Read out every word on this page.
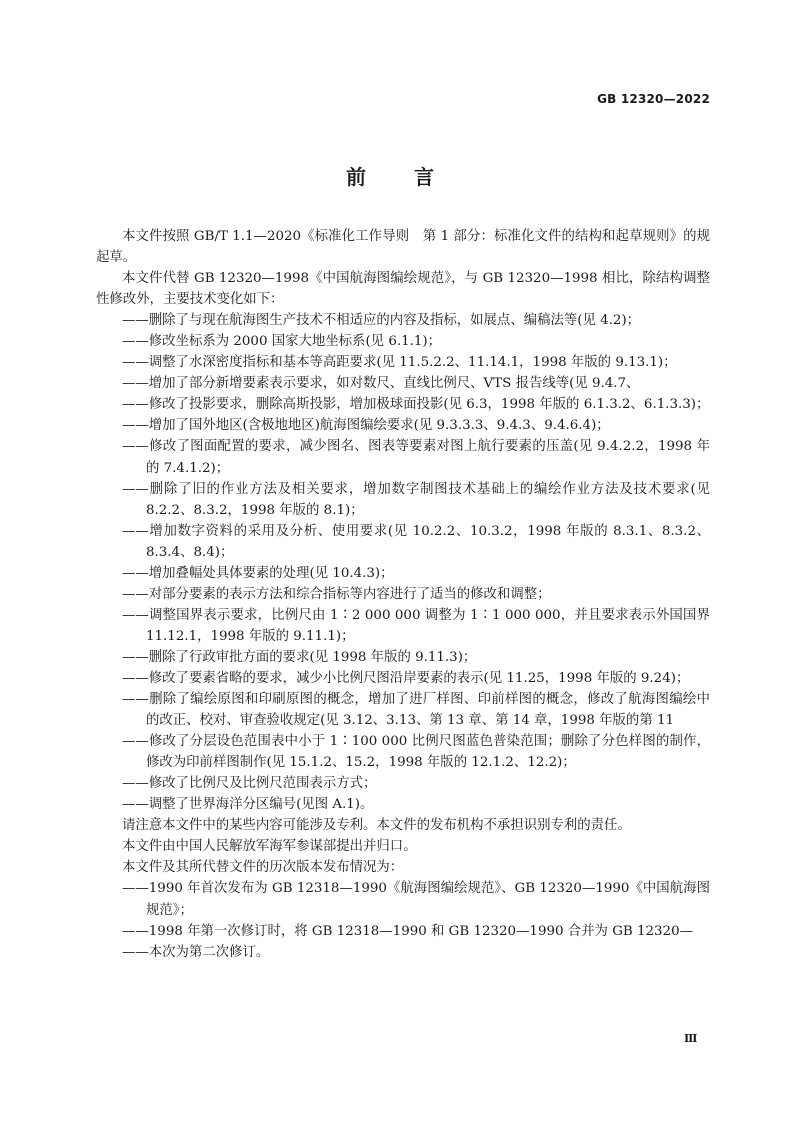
GB 12320—2022
前　言
本文件按照 GB/T 1.1—2020《标准化工作导则　第 1 部分：标准化文件的结构和起草规则》的规
起草。
本文件代替 GB 12320—1998《中国航海图编绘规范》，与 GB 12320—1998 相比，除结构调整
性修改外，主要技术变化如下：
——删除了与现在航海图生产技术不相适应的内容及指标，如展点、编稿法等(见 4.2)；
——修改坐标系为 2000 国家大地坐标系(见 6.1.1)；
——调整了水深密度指标和基本等高距要求(见 11.5.2.2、11.14.1，1998 年版的 9.13.1)；
——增加了部分新增要素表示要求，如对数尺、直线比例尺、VTS 报告线等(见 9.4.7、
——修改了投影要求，删除高斯投影，增加极球面投影(见 6.3，1998 年版的 6.1.3.2、6.1.3.3)；
——增加了国外地区(含极地地区)航海图编绘要求(见 9.3.3.3、9.4.3、9.4.6.4)；
——修改了图面配置的要求，减少图名、图表等要素对图上航行要素的压盖(见 9.4.2.2，1998 年
的 7.4.1.2)；
——删除了旧的作业方法及相关要求，增加数字制图技术基础上的编绘作业方法及技术要求(见
8.2.2、8.3.2，1998 年版的 8.1)；
——增加数字资料的采用及分析、使用要求(见 10.2.2、10.3.2，1998 年版的 8.3.1、8.3.2、
8.3.4、8.4)；
——增加叠幅处具体要素的处理(见 10.4.3)；
——对部分要素的表示方法和综合指标等内容进行了适当的修改和调整；
——调整国界表示要求，比例尺由 1∶2 000 000 调整为 1∶1 000 000，并且要求表示外国国界
11.12.1，1998 年版的 9.11.1)；
——删除了行政审批方面的要求(见 1998 年版的 9.11.3)；
——修改了要素省略的要求，减少小比例尺图沿岸要素的表示(见 11.25，1998 年版的 9.24)；
——删除了编绘原图和印刷原图的概念，增加了进厂样图、印前样图的概念，修改了航海图编绘中
的改正、校对、审查验收规定(见 3.12、3.13、第 13 章、第 14 章，1998 年版的第 11
——修改了分层设色范围表中小于 1∶100 000 比例尺图蓝色普染范围；删除了分色样图的制作，
修改为印前样图制作(见 15.1.2、15.2，1998 年版的 12.1.2、12.2)；
——修改了比例尺及比例尺范围表示方式；
——调整了世界海洋分区编号(见图 A.1)。
请注意本文件中的某些内容可能涉及专利。本文件的发布机构不承担识别专利的责任。
本文件由中国人民解放军海军参谋部提出并归口。
本文件及其所代替文件的历次版本发布情况为：
——1990 年首次发布为 GB 12318—1990《航海图编绘规范》、GB 12320—1990《中国航海图
规范》；
——1998 年第一次修订时，将 GB 12318—1990 和 GB 12320—1990 合并为 GB 12320—
——本次为第二次修订。
Ⅲ
